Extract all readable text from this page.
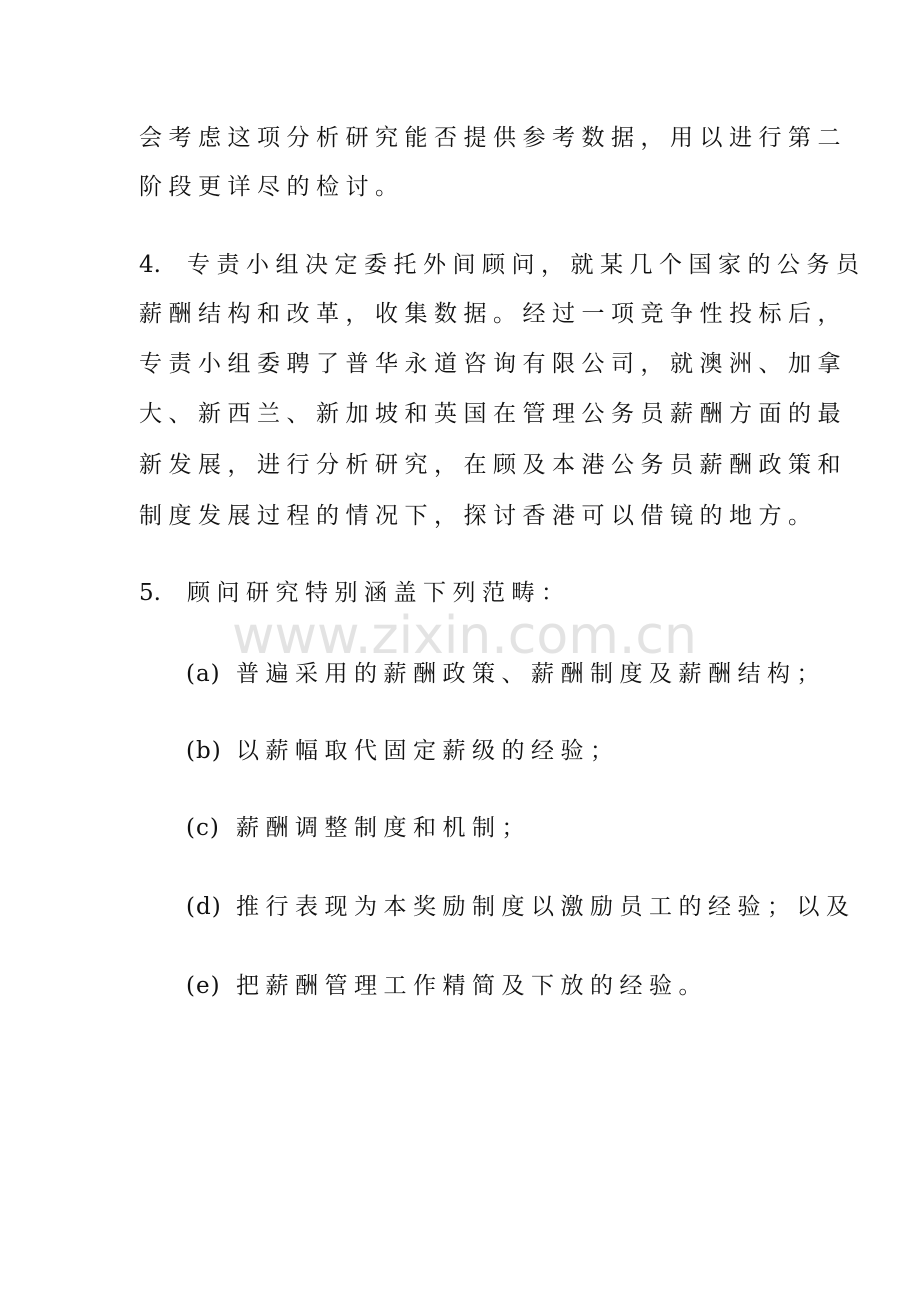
www.zixin.com.cn
会考虑这项分析研究能否提供参考数据，用以进行第二
阶段更详尽的检讨。
4. 专责小组决定委托外间顾问，就某几个国家的公务员
薪酬结构和改革，收集数据。经过一项竞争性投标后，
专责小组委聘了普华永道咨询有限公司，就澳洲、加拿
大、新西兰、新加坡和英国在管理公务员薪酬方面的最
新发展，进行分析研究，在顾及本港公务员薪酬政策和
制度发展过程的情况下，探讨香港可以借镜的地方。
5. 顾问研究特别涵盖下列范畴：
(a) 普遍采用的薪酬政策、薪酬制度及薪酬结构；
(b) 以薪幅取代固定薪级的经验；
(c) 薪酬调整制度和机制；
(d) 推行表现为本奖励制度以激励员工的经验；以及
(e) 把薪酬管理工作精简及下放的经验。
